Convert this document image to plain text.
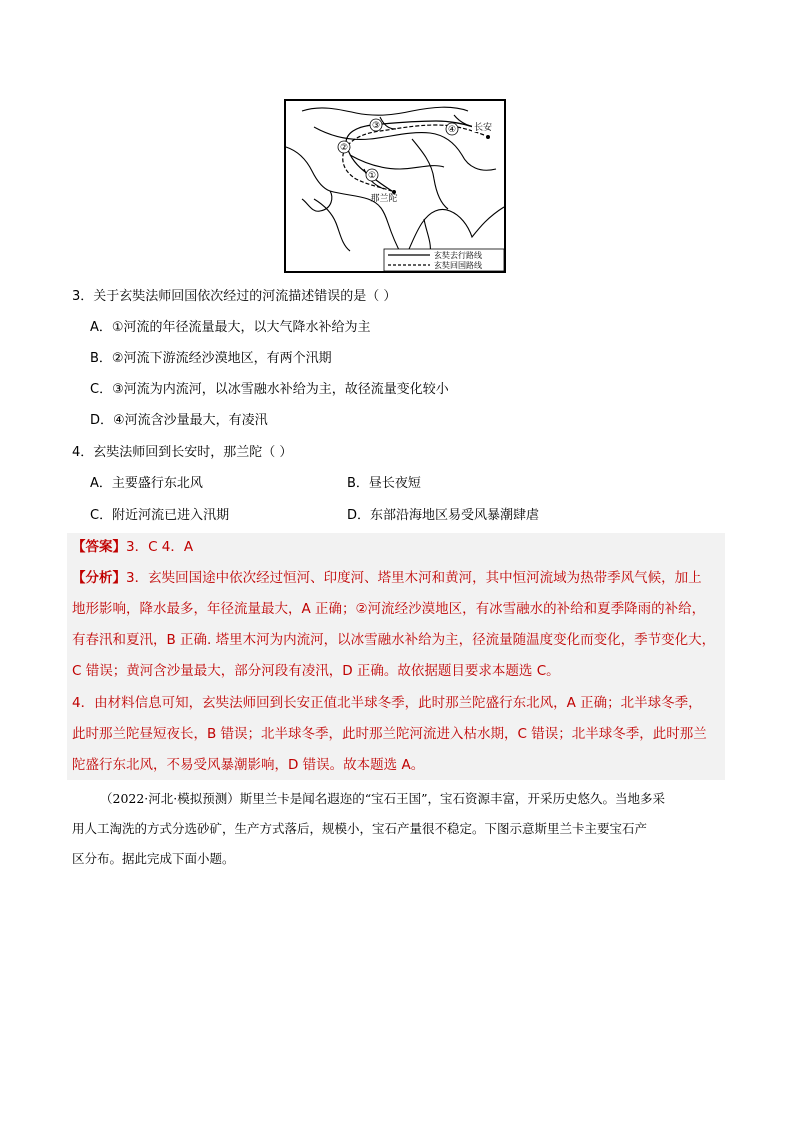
③	④
②
①
长安
那兰陀
玄奘去行路线
玄奘回国路线
3．关于玄奘法师回国依次经过的河流描述错误的是（ ）
A．①河流的年径流量最大，以大气降水补给为主
B．②河流下游流经沙漠地区，有两个汛期
C．③河流为内流河，以冰雪融水补给为主，故径流量变化较小
D．④河流含沙量最大，有凌汛
4．玄奘法师回到长安时，那兰陀（ ）
A．主要盛行东北风	B．昼长夜短
C．附近河流已进入汛期	D．东部沿海地区易受风暴潮肆虐
【答案】3．C 4．A
【分析】3．玄奘回国途中依次经过恒河、印度河、塔里木河和黄河，其中恒河流域为热带季风气候，加上
地形影响，降水最多，年径流量最大，A 正确；②河流经沙漠地区，有冰雪融水的补给和夏季降雨的补给，
有春汛和夏汛，B 正确. 塔里木河为内流河，以冰雪融水补给为主，径流量随温度变化而变化，季节变化大，
C 错误；黄河含沙量最大，部分河段有凌汛，D 正确。故依据题目要求本题选 C。
4．由材料信息可知，玄奘法师回到长安正值北半球冬季，此时那兰陀盛行东北风，A 正确；北半球冬季，
此时那兰陀昼短夜长，B 错误；北半球冬季，此时那兰陀河流进入枯水期，C 错误；北半球冬季，此时那兰
陀盛行东北风，不易受风暴潮影响，D 错误。故本题选 A。
（2022·河北·模拟预测）斯里兰卡是闻名遐迩的“宝石王国”，宝石资源丰富，开采历史悠久。当地多采
用人工淘洗的方式分选砂矿，生产方式落后，规模小，宝石产量很不稳定。下图示意斯里兰卡主要宝石产
区分布。据此完成下面小题。
